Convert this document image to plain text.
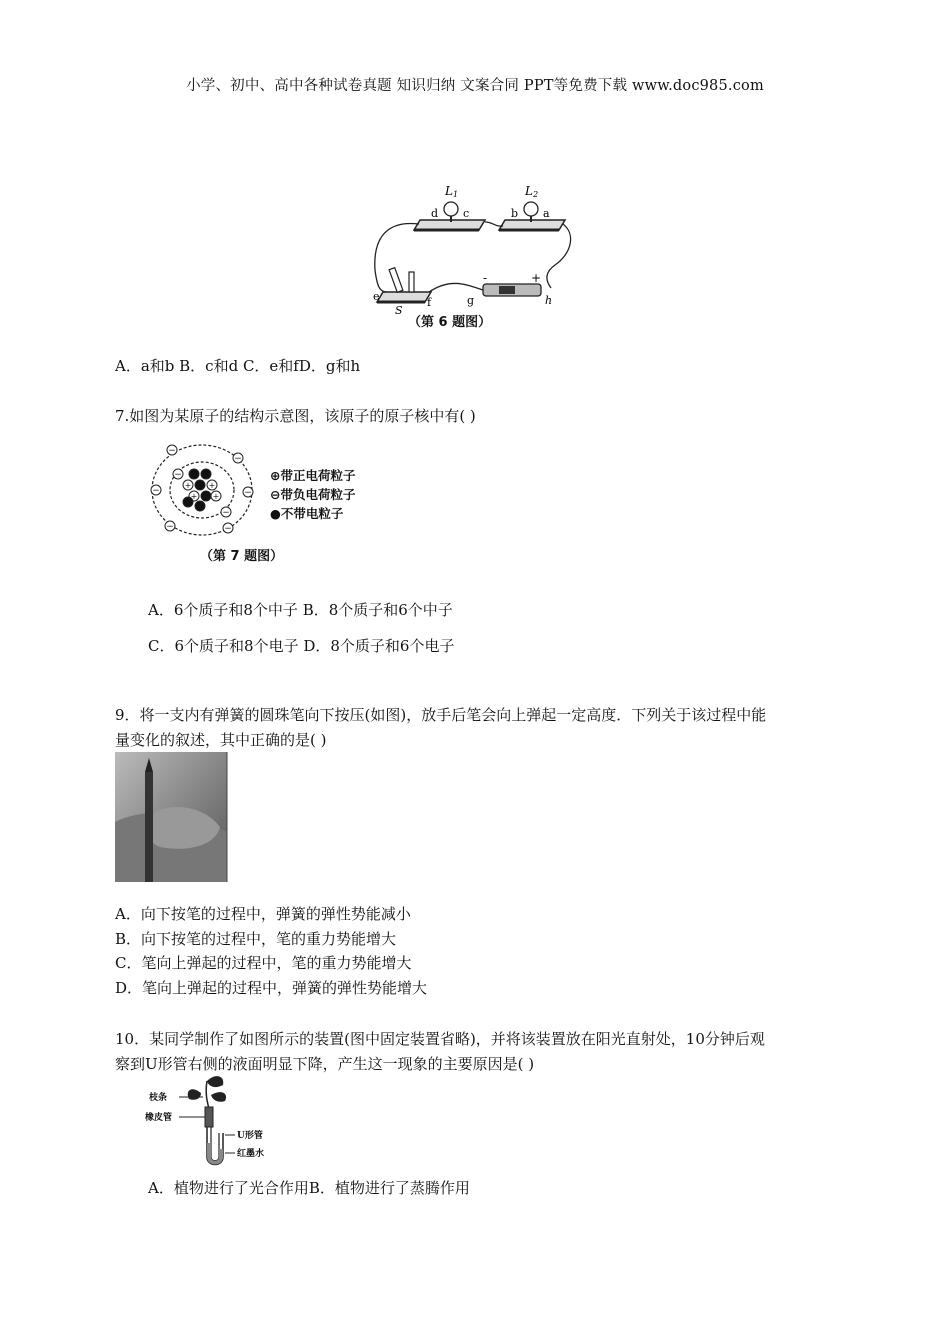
小学、初中、高中各种试卷真题 知识归纳 文案合同 PPT等免费下载 www.doc985.com
L1	L2
d c	b a
e
S
f	g
-	+
h
（第 6 题图）
A．a和b B．c和d C．e和fD．g和h
7.如图为某原子的结构示意图，该原子的原子核中有( )
+ +
+ +
−
−
−	−
−	−
−
−
⊕带正电荷粒子
⊖带负电荷粒子
●不带电粒子
（第 7 题图）
A．6个质子和8个中子 B．8个质子和6个中子
C．6个质子和8个电子 D．8个质子和6个电子
9．将一支内有弹簧的圆珠笔向下按压(如图)，放手后笔会向上弹起一定高度．下列关于该过程中能
量变化的叙述，其中正确的是( )
A．向下按笔的过程中，弹簧的弹性势能减小
B．向下按笔的过程中，笔的重力势能增大
C．笔向上弹起的过程中，笔的重力势能增大
D．笔向上弹起的过程中，弹簧的弹性势能增大
10．某同学制作了如图所示的装置(图中固定装置省略)，并将该装置放在阳光直射处，10分钟后观
察到U形管右侧的液面明显下降，产生这一现象的主要原因是( )
枝条
橡皮管
U形管
红墨水
A．植物进行了光合作用B．植物进行了蒸腾作用
